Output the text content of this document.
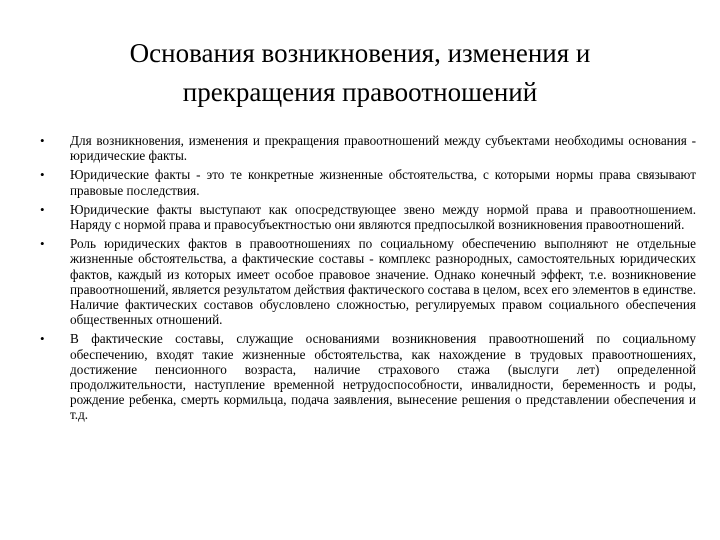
Основания возникновения, изменения и
прекращения правоотношений
•	Для возникновения, изменения и прекращения правоотношений между субъектами необходимы основания - юридические факты.
•	Юридические факты - это те конкретные жизненные обстоятельства, с которыми нормы права связывают правовые последствия.
•	Юридические факты выступают как опосредствующее звено между нормой права и правоотношением. Наряду с нормой права и правосубъектностью они являются предпосылкой возникновения правоотношений.
•	Роль юридических фактов в правоотношениях по социальному обеспечению выполняют не отдельные жизненные обстоятельства, а фактические составы - комплекс разнородных, самостоятельных юридических фактов, каждый из которых имеет особое правовое значение. Однако конечный эффект, т.е. возникновение правоотношений, является результатом действия фактического состава в целом, всех его элементов в единстве. Наличие фактических составов обусловлено сложностью, регулируемых правом социального обеспечения общественных отношений.
•	В фактические составы, служащие основаниями возникновения правоотношений по социальному обеспечению, входят такие жизненные обстоятельства, как нахождение в трудовых правоотношениях, достижение пенсионного возраста, наличие страхового стажа (выслуги лет) определенной продолжительности, наступление временной нетрудоспособности, инвалидности, беременность и роды, рождение ребенка, смерть кормильца, подача заявления, вынесение решения о представлении обеспечения и т.д.
